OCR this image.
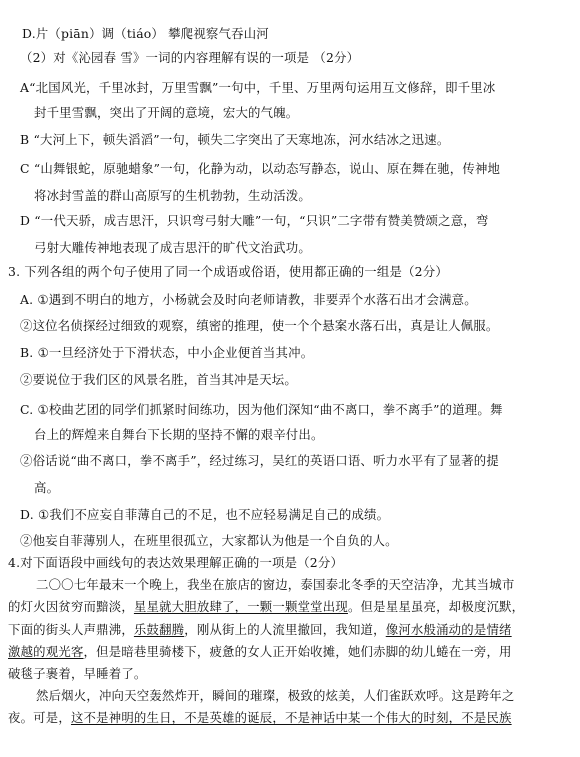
D.片（piān）调（tiáo） 攀爬视察气吞山河
（2）对《沁园春 雪》一词的内容理解有误的一项是 （2分）
A“北国风光，千里冰封，万里雪飘”一句中，千里、万里两句运用互文修辞，即千里冰
封千里雪飘，突出了开阔的意境，宏大的气魄。
B “大河上下，顿失滔滔”一句，顿失二字突出了天寒地冻，河水结冰之迅速。
C “山舞银蛇，原驰蜡象”一句，化静为动，以动态写静态，说山、原在舞在驰，传神地
将冰封雪盖的群山高原写的生机勃勃，生动活泼。
D “一代天骄，成吉思汗，只识弯弓射大雕”一句，“只识”二字带有赞美赞颂之意，弯
弓射大雕传神地表现了成吉思汗的旷代文治武功。
3. 下列各组的两个句子使用了同一个成语或俗语，使用都正确的一组是（2分）
A. ①遇到不明白的地方，小杨就会及时向老师请教，非要弄个水落石出才会满意。
②这位名侦探经过细致的观察，缜密的推理，使一个个悬案水落石出，真是让人佩服。
B. ①一旦经济处于下滑状态，中小企业便首当其冲。
②要说位于我们区的风景名胜，首当其冲是天坛。
C. ①校曲艺团的同学们抓紧时间练功，因为他们深知“曲不离口，拳不离手”的道理。舞
台上的辉煌来自舞台下长期的坚持不懈的艰辛付出。
②俗话说“曲不离口，拳不离手”，经过练习，吴红的英语口语、听力水平有了显著的提
高。
D. ①我们不应妄自菲薄自己的不足，也不应轻易满足自己的成绩。
②他妄自菲薄别人，在班里很孤立，大家都认为他是一个自负的人。
4.对下面语段中画线句的表达效果理解正确的一项是（2分）
二〇〇七年最末一个晚上，我坐在旅店的窗边，泰国泰北冬季的天空洁净，尤其当城市
的灯火因贫穷而黯淡，星星就大胆放肆了，一颗一颗堂堂出现。但是星星虽亮，却极度沉默，
下面的街头人声鼎沸，乐鼓翻腾，刚从街上的人流里撤回，我知道，像河水般涌动的是情绪
激越的观光客，但是暗巷里骑楼下，疲惫的女人正开始收摊，她们赤脚的幼儿蜷在一旁，用
破毯子裹着，早睡着了。
然后烟火，冲向天空轰然炸开，瞬间的璀璨，极致的炫美，人们雀跃欢呼。这是跨年之
夜。可是，这不是神明的生日，不是英雄的诞辰，不是神话中某一个伟大的时刻，不是民族
